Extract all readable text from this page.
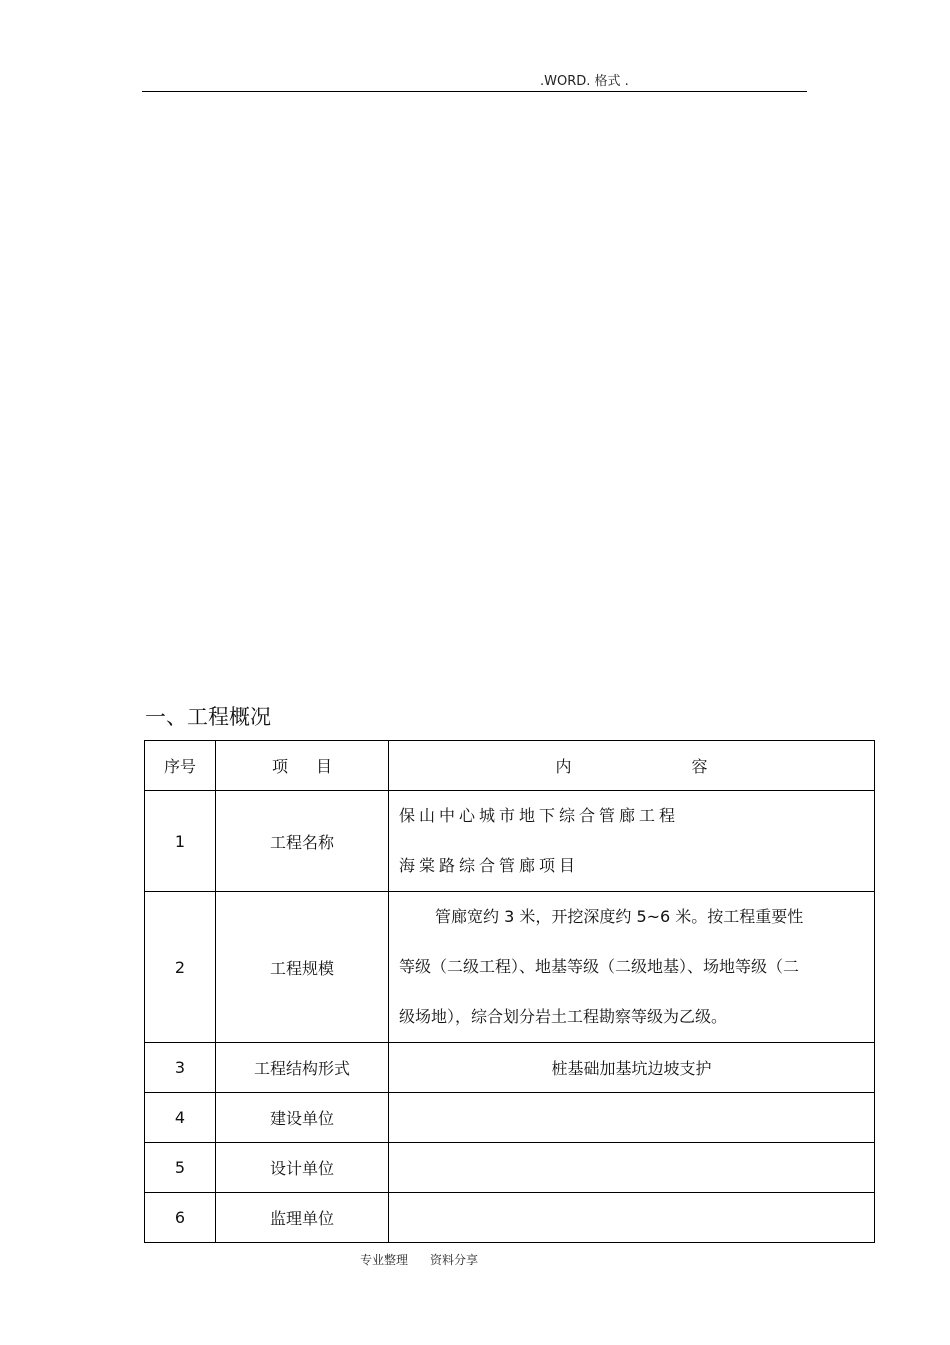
.WORD. 格式 .
一、工程概况
序号	项 目	内 容
1	工程名称	保山中心城市地下综合管廊工程
海棠路综合管廊项目

2	工程规模	管廊宽约 3 米，开挖深度约 5~6 米。按工程重要性
等级（二级工程）、地基等级（二级地基）、场地等级（二
级场地），综合划分岩土工程勘察等级为乙级。

3	工程结构形式	桩基础加基坑边坡支护
4	建设单位	
5	设计单位	
6	监理单位	
专业整理 资料分享
